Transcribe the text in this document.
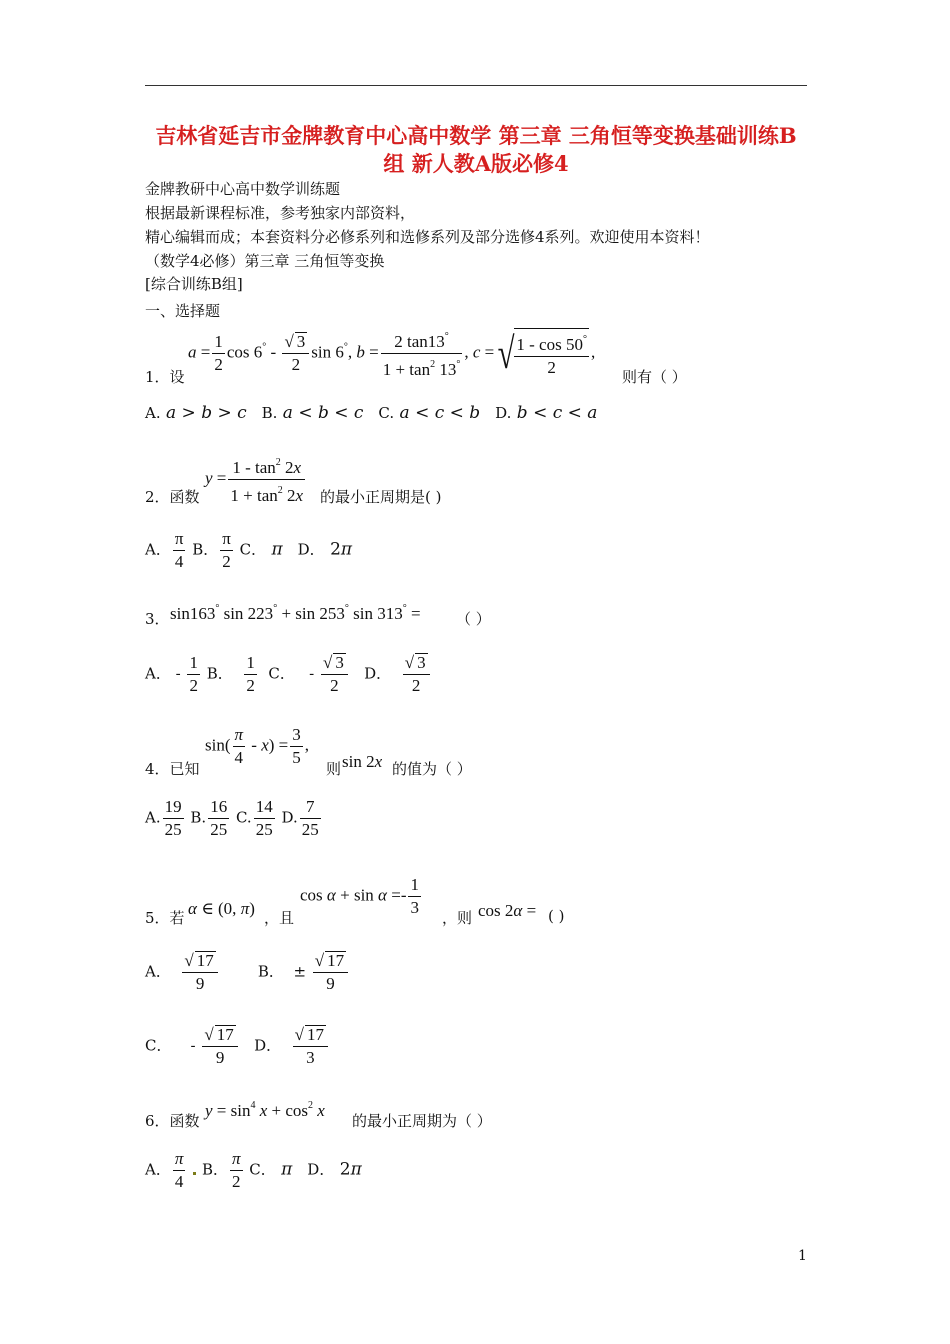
吉林省延吉市金牌教育中心高中数学 第三章 三角恒等变换基础训练B组 新人教A版必修4
金牌教研中心高中数学训练题
根据最新课程标准，参考独家内部资料，
精心编辑而成；本套资料分必修系列和选修系列及部分选修4系列。欢迎使用本资料！
（数学4必修）第三章 三角恒等变换
[综合训练B组]
一、选择题
1．设
$a = \frac{1}{2}$ $\cos 6^\circ - \frac{√ 3}{2}$ sin 6°, $b = \frac{2 \tan 13^\circ}{1 + \tan^2 13^\circ}$ , c =√ $\frac{1 - \cos 50^\circ}{2}$ ,
则有（ ）
A. a > b > c   B. a < b < c   C. a < c < b   D. b < c < a
2．函数
$y = \frac{1 - \tan^2 2x}{1 + \tan^2 2x}$ 的最小正周期是( )
A． $\frac{\pi}{4}$ B． $\frac{\pi}{2}$ C． π   D． 2π
3． sin163° sin 223° + sin 253° sin 313° = （ ）
A． - $\frac{1}{2}$ B． $\frac{1}{2}$ C．   - $\frac{√ 3}{2}$ D． $\frac{√ 3}{2}$
4．已知
$\sin( \frac{\pi}{4} - x) = \frac{3}{5}$ ,
则 sin 2x 的值为（ ）
A. $\frac{19}{25} B$. $\frac{16}{25} C$. $\frac{14}{25} D$. $\frac{7}{25}$
5．若 α ∈ (0, π) ，且
$\cos \alpha + \sin \alpha =- \frac{1}{3}$ ，则 cos 2α = ( )
A． $\frac{√ 17}{9}$	B．  ± $\frac{√ 17}{9}$
C．    - $\frac{√ 17}{9}$ D． $\frac{√ 17}{3}$
6．函数
$y = \sin^4 x + \cos^2 x$
的最小正周期为（ ）
A． $\frac{\pi}{4}$ B． $\frac{\pi}{2}$ C． π   D． 2π
1
